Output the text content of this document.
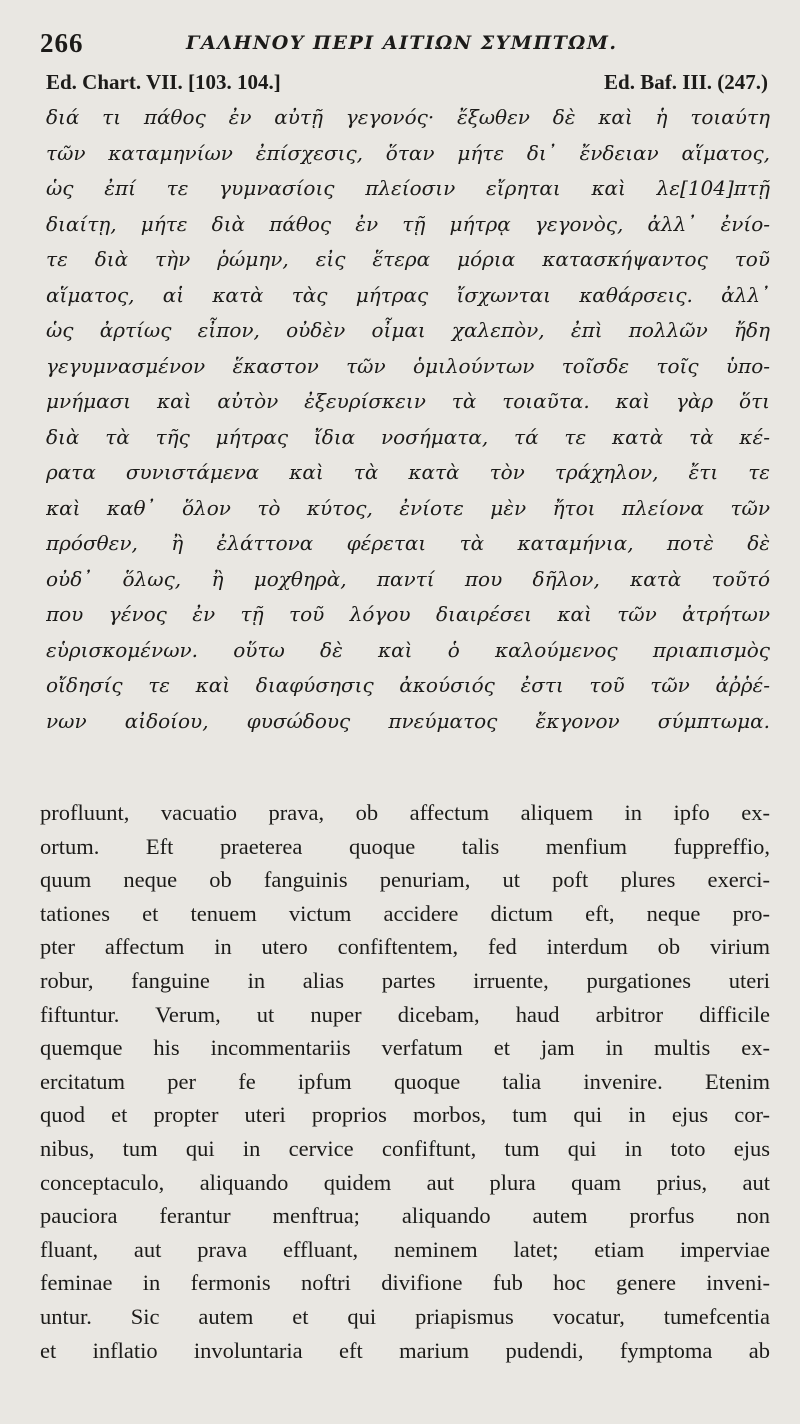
266	ΓΑΛΗΝΟΥ ΠΕΡΙ ΑΙΤΙΩΝ ΣΥΜΠΤΩΜ.
Ed. Chart. VII. [103. 104.]	Ed. Baf. III. (247.)
διά τι πάθος ἐν αὐτῇ γεγονός· ἔξωθεν δὲ καὶ ἡ τοιαύτη
τῶν καταμηνίων ἐπίσχεσις, ὅταν μήτε δι᾽ ἔνδειαν αἵματος,
ὡς ἐπί τε γυμνασίοις πλείοσιν εἴρηται καὶ λε[104]πτῇ
διαίτῃ, μήτε διὰ πάθος ἐν τῇ μήτρᾳ γεγονὸς, ἀλλ᾽ ἐνίο-
τε διὰ τὴν ῥώμην, εἰς ἕτερα μόρια κατασκήψαντος τοῦ
αἵματος, αἱ κατὰ τὰς μήτρας ἴσχωνται καθάρσεις. ἀλλ᾽
ὡς ἀρτίως εἶπον, οὐδὲν οἶμαι χαλεπὸν, ἐπὶ πολλῶν ἤδη
γεγυμνασμένον ἕκαστον τῶν ὁμιλούντων τοῖσδε τοῖς ὑπο-
μνήμασι καὶ αὐτὸν ἐξευρίσκειν τὰ τοιαῦτα. καὶ γὰρ ὅτι
διὰ τὰ τῆς μήτρας ἴδια νοσήματα, τά τε κατὰ τὰ κέ-
ρατα συνιστάμενα καὶ τὰ κατὰ τὸν τράχηλον, ἔτι τε
καὶ καθ᾽ ὅλον τὸ κύτος, ἐνίοτε μὲν ἤτοι πλείονα τῶν
πρόσθεν, ἢ ἐλάττονα φέρεται τὰ καταμήνια, ποτὲ δὲ
οὐδ᾽ ὅλως, ἢ μοχθηρὰ, παντί που δῆλον, κατὰ τοῦτό
που γένος ἐν τῇ τοῦ λόγου διαιρέσει καὶ τῶν ἀτρήτων
εὑρισκομένων. οὕτω δὲ καὶ ὁ καλούμενος πριαπισμὸς
οἴδησίς τε καὶ διαφύσησις ἀκούσιός ἐστι τοῦ τῶν ἀῤῥέ-
νων αἰδοίου, φυσώδους πνεύματος ἔκγονον σύμπτωμα.
profluunt, vacuatio prava, ob affectum aliquem in ipfo ex-
ortum. Eft praeterea quoque talis menfium fuppreffio,
quum neque ob fanguinis penuriam, ut poft plures exerci-
tationes et tenuem victum accidere dictum eft, neque pro-
pter affectum in utero confiftentem, fed interdum ob virium
robur, fanguine in alias partes irruente, purgationes uteri
fiftuntur. Verum, ut nuper dicebam, haud arbitror difficile
quemque his incommentariis verfatum et jam in multis ex-
ercitatum per fe ipfum quoque talia invenire. Etenim
quod et propter uteri proprios morbos, tum qui in ejus cor-
nibus, tum qui in cervice confiftunt, tum qui in toto ejus
conceptaculo, aliquando quidem aut plura quam prius, aut
pauciora ferantur menftrua; aliquando autem prorfus non
fluant, aut prava effluant, neminem latet; etiam imperviae
feminae in fermonis noftri divifione fub hoc genere inveni-
untur. Sic autem et qui priapismus vocatur, tumefcentia
et inflatio involuntaria eft marium pudendi, fymptoma ab
